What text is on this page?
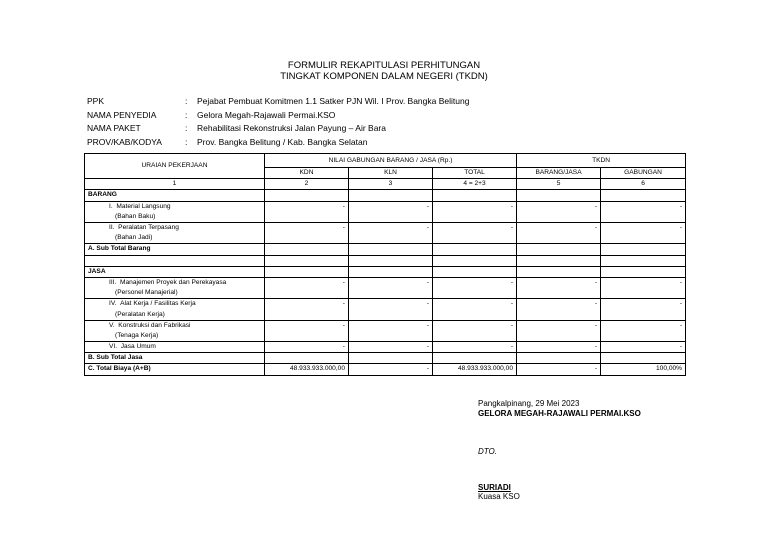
FORMULIR REKAPITULASI PERHITUNGAN
TINGKAT KOMPONEN DALAM NEGERI (TKDN)
PPK	:	Pejabat Pembuat Komitmen 1.1 Satker PJN Wil. I Prov. Bangka Belitung
NAMA PENYEDIA	:	Gelora Megah-Rajawali Permai.KSO
NAMA PAKET	:	Rehabilitasi Rekonstruksi Jalan Payung – Air Bara
PROV/KAB/KODYA	:	Prov. Bangka Belitung / Kab. Bangka Selatan
URAIAN PEKERJAAN	NILAI GABUNGAN BARANG / JASA (Rp.)			TKDN	
	KDN	KLN	TOTAL	BARANG/JASA	GABUNGAN
1	2	3	4 = 2+3	5	6
BARANG					
I. Material Langsung	-	-	-	-	-
(Bahan Baku)					
II. Peralatan Terpasang	-	-	-	-	-
(Bahan Jadi)					
A. Sub Total Barang					

JASA					
III. Manajemen Proyek dan Perekayasa	-	-	-	-	-
(Personel Manajerial)					
IV. Alat Kerja / Fasilitas Kerja	-	-	-	-	-
(Peralatan Kerja)					
V. Konstruksi dan Fabrikasi	-	-	-	-	-
(Tenaga Kerja)					
VI. Jasa Umum	-	-	-	-	-
B. Sub Total Jasa					
C. Total Biaya (A+B)	48.933.933.000,00	-	48.933.933.000,00	-	100,00%
Pangkalpinang, 29 Mei 2023
GELORA MEGAH-RAJAWALI PERMAI.KSO
DTO.
SURIADI
Kuasa KSO
